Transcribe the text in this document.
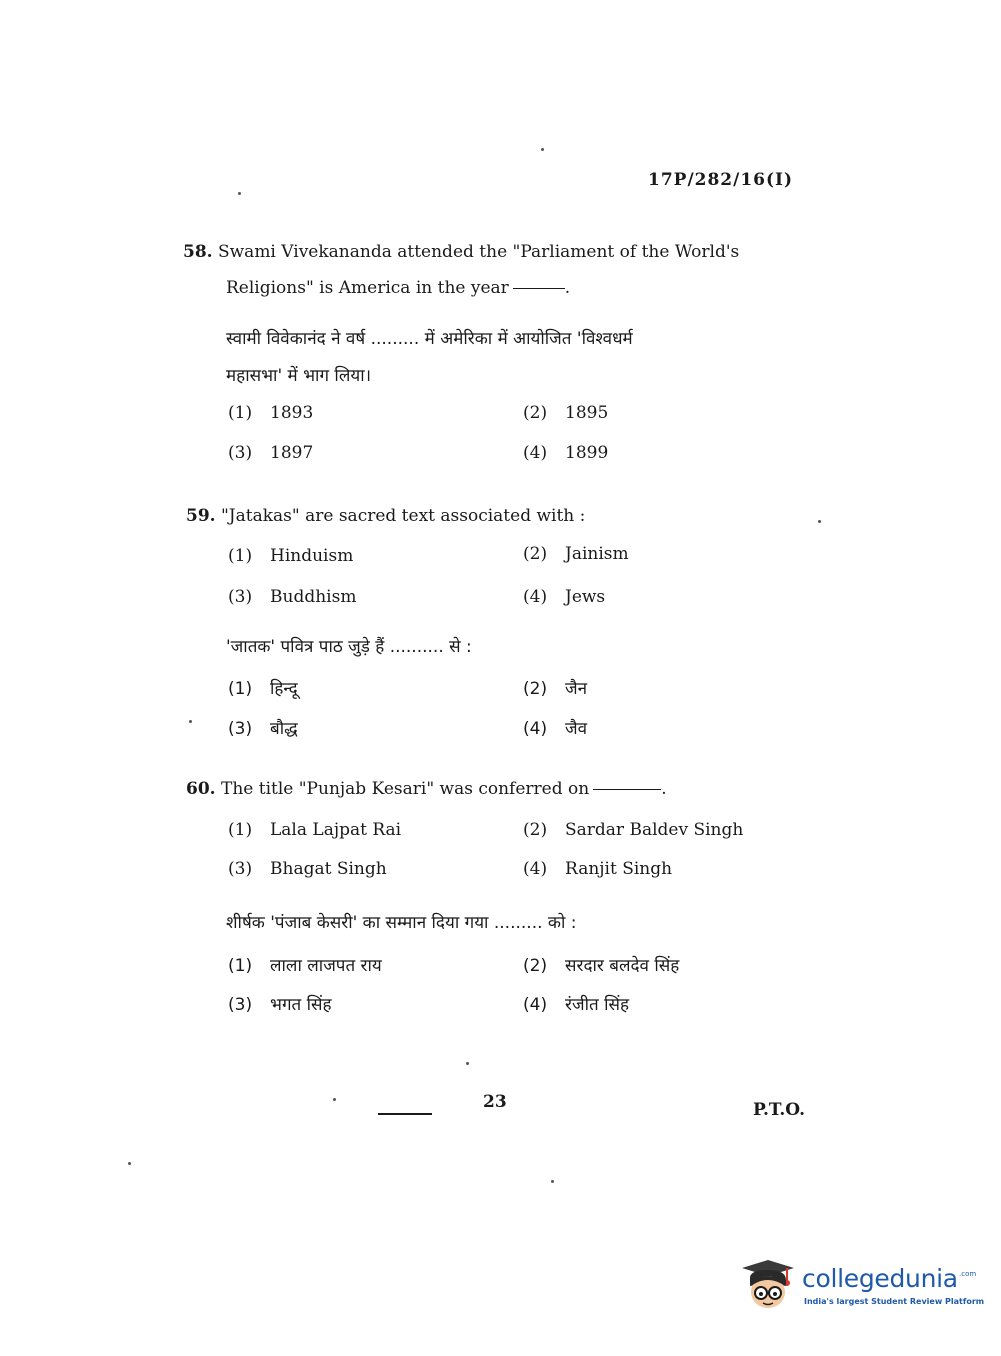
17P/282/16(I)
58. Swami Vivekananda attended the "Parliament of the World's
Religions" is America in the year	.
स्वामी विवेकानंद ने वर्ष ......... में अमेरिका में आयोजित 'विश्वधर्म
महासभा' में भाग लिया।
(1) 1893	(2) 1895
(3) 1897	(4) 1899
59. "Jatakas" are sacred text associated with :
(1) Hinduism	(2) Jainism
(3) Buddhism	(4) Jews
'जातक' पवित्र पाठ जुड़े हैं .......... से :
(1) हिन्दू	(2) जैन
(3) बौद्ध	(4) जैव
60. The title "Punjab Kesari" was conferred on	.
(1) Lala Lajpat Rai	(2) Sardar Baldev Singh
(3) Bhagat Singh	(4) Ranjit Singh
शीर्षक 'पंजाब केसरी' का सम्मान दिया गया ......... को :
(1) लाला लाजपत राय	(2) सरदार बलदेव सिंह
(3) भगत सिंह	(4) रंजीत सिंह
23	P.T.O.
collegedunia .com
India's largest Student Review Platform
